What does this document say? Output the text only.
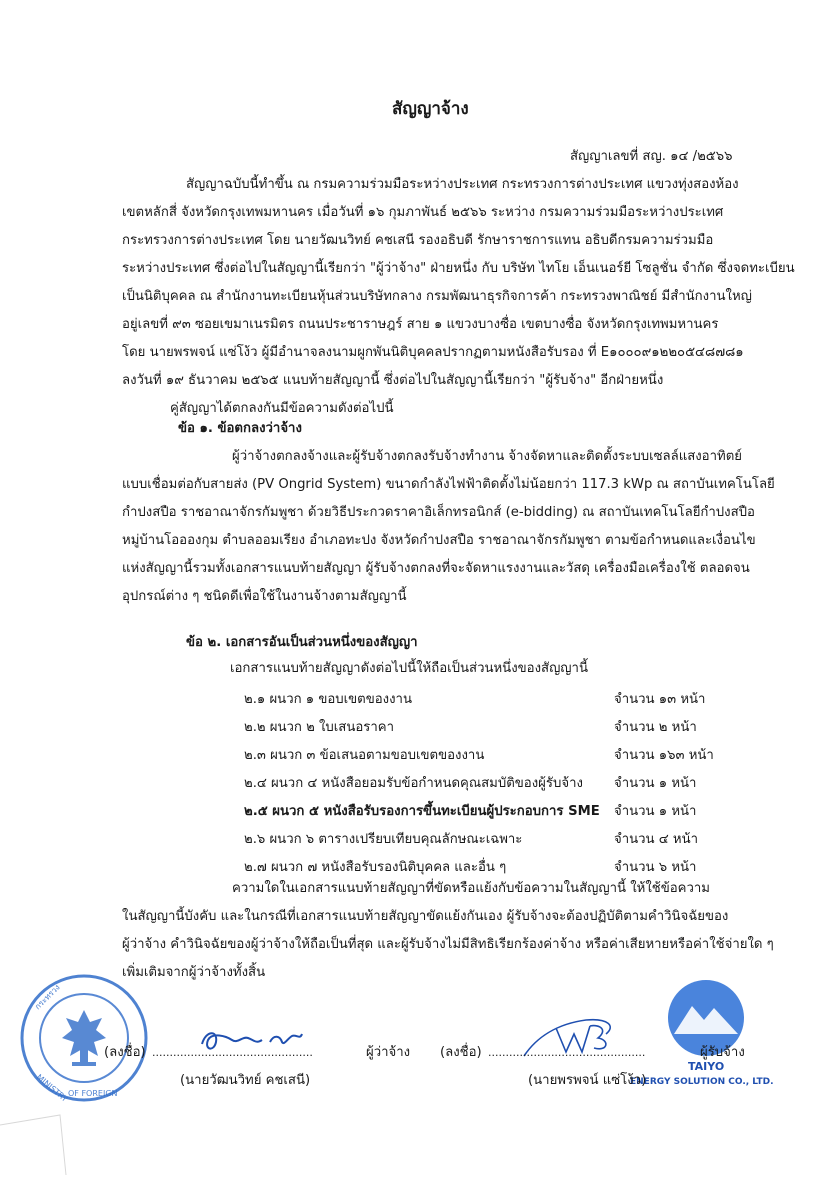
สัญญาจ้าง
สัญญาเลขที่ สญ. ๑๔ /๒๕๖๖
สัญญาฉบับนี้ทำขึ้น ณ กรมความร่วมมือระหว่างประเทศ กระทรวงการต่างประเทศ แขวงทุ่งสองห้อง
เขตหลักสี่ จังหวัดกรุงเทพมหานคร เมื่อวันที่ ๑๖ กุมภาพันธ์ ๒๕๖๖ ระหว่าง กรมความร่วมมือระหว่างประเทศ
กระทรวงการต่างประเทศ โดย นายวัฒนวิทย์ คชเสนี รองอธิบดี รักษาราชการแทน อธิบดีกรมความร่วมมือ
ระหว่างประเทศ ซึ่งต่อไปในสัญญานี้เรียกว่า "ผู้ว่าจ้าง" ฝ่ายหนึ่ง กับ บริษัท ไทโย เอ็นเนอร์ยี โซลูชั่น จำกัด ซึ่งจดทะเบียน
เป็นนิติบุคคล ณ สำนักงานทะเบียนหุ้นส่วนบริษัทกลาง กรมพัฒนาธุรกิจการค้า กระทรวงพาณิชย์ มีสำนักงานใหญ่
อยู่เลขที่ ๙๓ ซอยเขมาเนรมิตร ถนนประชาราษฎร์ สาย ๑ แขวงบางซื่อ เขตบางซื่อ จังหวัดกรุงเทพมหานคร
โดย นายพรพจน์ แซ่โง้ว ผู้มีอำนาจลงนามผูกพันนิติบุคคลปรากฏตามหนังสือรับรอง ที่ E๑๐๐๐๙๑๒๒๐๕๔๘๗๘๑
ลงวันที่ ๑๙ ธันวาคม ๒๕๖๕ แนบท้ายสัญญานี้ ซึ่งต่อไปในสัญญานี้เรียกว่า "ผู้รับจ้าง" อีกฝ่ายหนึ่ง
คู่สัญญาได้ตกลงกันมีข้อความดังต่อไปนี้
ข้อ ๑. ข้อตกลงว่าจ้าง
ผู้ว่าจ้างตกลงจ้างและผู้รับจ้างตกลงรับจ้างทำงาน จ้างจัดหาและติดตั้งระบบเซลล์แสงอาทิตย์
แบบเชื่อมต่อกับสายส่ง (PV Ongrid System) ขนาดกำลังไฟฟ้าติดตั้งไม่น้อยกว่า 117.3 kWp ณ สถาบันเทคโนโลยี
กำปงสปือ ราชอาณาจักรกัมพูชา ด้วยวิธีประกวดราคาอิเล็กทรอนิกส์ (e-bidding) ณ สถาบันเทคโนโลยีกำปงสปือ
หมู่บ้านโออองกุม ตำบลออมเรียง อำเภอทะปง จังหวัดกำปงสปือ ราชอาณาจักรกัมพูชา ตามข้อกำหนดและเงื่อนไข
แห่งสัญญานี้รวมทั้งเอกสารแนบท้ายสัญญา ผู้รับจ้างตกลงที่จะจัดหาแรงงานและวัสดุ เครื่องมือเครื่องใช้ ตลอดจน
อุปกรณ์ต่าง ๆ ชนิดดีเพื่อใช้ในงานจ้างตามสัญญานี้
ข้อ ๒. เอกสารอันเป็นส่วนหนึ่งของสัญญา
เอกสารแนบท้ายสัญญาดังต่อไปนี้ให้ถือเป็นส่วนหนึ่งของสัญญานี้
๒.๑ ผนวก ๑ ขอบเขตของงาน	จำนวน ๑๓ หน้า
๒.๒ ผนวก ๒ ใบเสนอราคา	จำนวน ๒ หน้า
๒.๓ ผนวก ๓ ข้อเสนอตามขอบเขตของงาน	จำนวน ๑๖๓ หน้า
๒.๔ ผนวก ๔ หนังสือยอมรับข้อกำหนดคุณสมบัติของผู้รับจ้าง จำนวน ๑ หน้า
๒.๕ ผนวก ๕ หนังสือรับรองการขึ้นทะเบียนผู้ประกอบการ SME จำนวน ๑ หน้า
๒.๖ ผนวก ๖ ตารางเปรียบเทียบคุณลักษณะเฉพาะ	จำนวน ๔ หน้า
๒.๗ ผนวก ๗ หนังสือรับรองนิติบุคคล และอื่น ๆ	จำนวน ๖ หน้า
ความใดในเอกสารแนบท้ายสัญญาที่ขัดหรือแย้งกับข้อความในสัญญานี้ ให้ใช้ข้อความ
ในสัญญานี้บังคับ และในกรณีที่เอกสารแนบท้ายสัญญาขัดแย้งกันเอง ผู้รับจ้างจะต้องปฏิบัติตามคำวินิจฉัยของ
ผู้ว่าจ้าง คำวินิจฉัยของผู้ว่าจ้างให้ถือเป็นที่สุด และผู้รับจ้างไม่มีสิทธิเรียกร้องค่าจ้าง หรือค่าเสียหายหรือค่าใช้จ่ายใด ๆ
เพิ่มเติมจากผู้ว่าจ้างทั้งสิ้น
MINISTRY
OF FOREIGN
กระทรวง
(ลงชื่อ) ..............................................	ผู้ว่าจ้าง
(นายวัฒนวิทย์ คชเสนี)
TAIYO
ENERGY SOLUTION CO., LTD.
(ลงชื่อ) .............................................	ผู้รับจ้าง
(นายพรพจน์ แซ่โง้ว)
